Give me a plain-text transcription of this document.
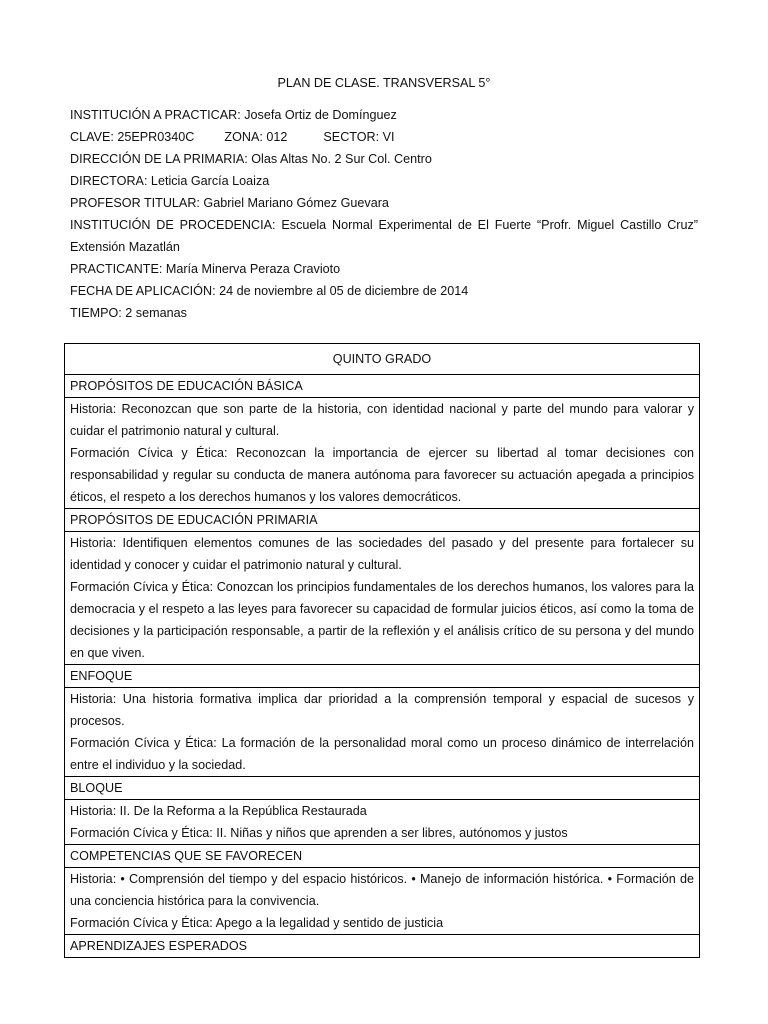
PLAN DE CLASE. TRANSVERSAL 5°
INSTITUCIÓN A PRACTICAR: Josefa Ortiz de Domínguez
CLAVE: 25EPR0340C ZONA: 012	SECTOR: VI
DIRECCIÓN DE LA PRIMARIA: Olas Altas No. 2 Sur Col. Centro
DIRECTORA: Leticia García Loaiza
PROFESOR TITULAR: Gabriel Mariano Gómez Guevara
INSTITUCIÓN DE PROCEDENCIA: Escuela Normal Experimental de El Fuerte “Profr. Miguel Castillo Cruz” Extensión Mazatlán
PRACTICANTE: María Minerva Peraza Cravioto
FECHA DE APLICACIÓN: 24 de noviembre al 05 de diciembre de 2014
TIEMPO: 2 semanas
QUINTO GRADO
PROPÓSITOS DE EDUCACIÓN BÁSICA

Historia: Reconozcan que son parte de la historia, con identidad nacional y parte del mundo para valorar y cuidar el patrimonio natural y cultural.

Formación Cívica y Ética: Reconozcan la importancia de ejercer su libertad al tomar decisiones con responsabilidad y regular su conducta de manera autónoma para favorecer su actuación apegada a principios éticos, el respeto a los derechos humanos y los valores democráticos.

PROPÓSITOS DE EDUCACIÓN PRIMARIA

Historia: Identifiquen elementos comunes de las sociedades del pasado y del presente para fortalecer su identidad y conocer y cuidar el patrimonio natural y cultural.

Formación Cívica y Ética: Conozcan los principios fundamentales de los derechos humanos, los valores para la democracia y el respeto a las leyes para favorecer su capacidad de formular juicios éticos, así como la toma de decisiones y la participación responsable, a partir de la reflexión y el análisis crítico de su persona y del mundo en que viven.

ENFOQUE

Historia: Una historia formativa implica dar prioridad a la comprensión temporal y espacial de sucesos y procesos.

Formación Cívica y Ética: La formación de la personalidad moral como un proceso dinámico de interrelación entre el individuo y la sociedad.

BLOQUE

Historia: II. De la Reforma a la República Restaurada

Formación Cívica y Ética: II. Niñas y niños que aprenden a ser libres, autónomos y justos

COMPETENCIAS QUE SE FAVORECEN

Historia: • Comprensión del tiempo y del espacio históricos. • Manejo de información histórica. • Formación de una conciencia histórica para la convivencia.

Formación Cívica y Ética: Apego a la legalidad y sentido de justicia

APRENDIZAJES ESPERADOS
